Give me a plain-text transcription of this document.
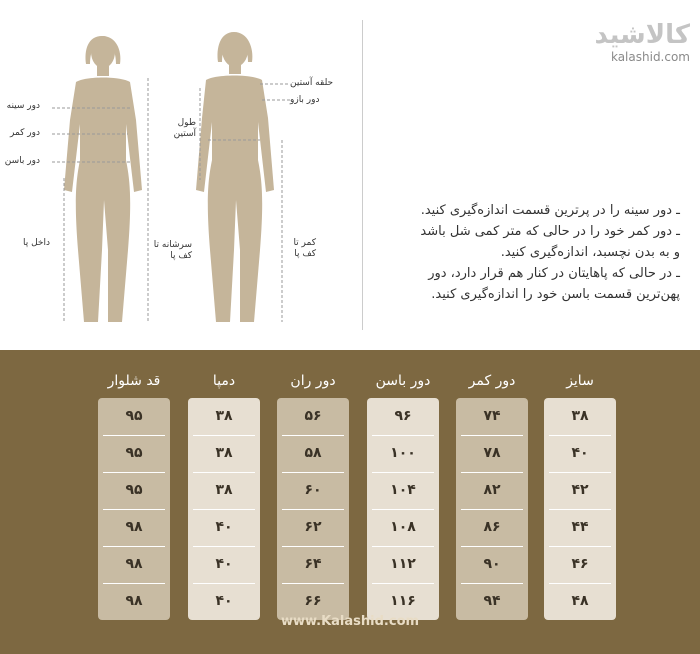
دور سینه
دور کمر
دور باسن
داخل پا	سرشانه تا کف پا
حلقه آستین
دور بازو
طول آستین
کمر تا کف پا
کالاشید
kalashid.com
ـ دور سینه را در پرترین قسمت اندازه‌گیری کنید.
ـ دور کمر خود را در حالی که متر کمی شل باشد
و به بدن نچسبد، اندازه‌گیری کنید.
ـ در حالی که پاهایتان در کنار هم قرار دارد، دور
پهن‌ترین قسمت باسن خود را اندازه‌گیری کنید.
سایز
۳۸
۴۰
۴۲
۴۴
۴۶
۴۸
دور کمر
۷۴
۷۸
۸۲
۸۶
۹۰
۹۴
دور باسن
۹۶
۱۰۰
۱۰۴
۱۰۸
۱۱۲
۱۱۶
دور ران
۵۶
۵۸
۶۰
۶۲
۶۴
۶۶
دمپا
۳۸
۳۸
۳۸
۴۰
۴۰
۴۰
قد شلوار
۹۵
۹۵
۹۵
۹۸
۹۸
۹۸
www.Kalashid.com
